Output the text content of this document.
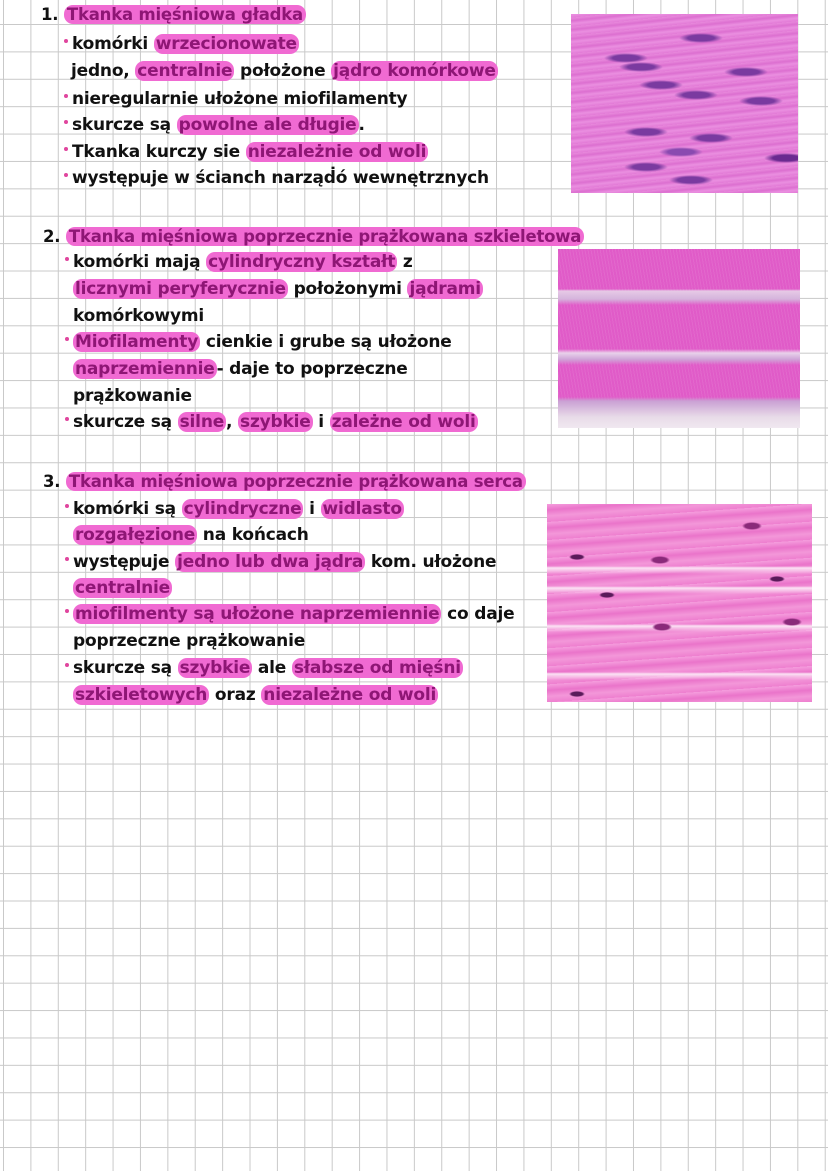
1. Tkanka mięśniowa gładka
komórki wrzecionowate
jedno, centralnie położone jądro komórkowe
nieregularnie ułożone miofilamenty
skurcze są powolne ale długie .
Tkanka kurczy sie niezależnie od woli
występuje w ścianch narząḋó wewnętrznych
2. Tkanka mięśniowa poprzecznie prążkowana szkieletowa
komórki mają cylindryczny kształt z
licznymi peryferycznie położonymi jądrami
komórkowymi
Miofilamenty cienkie i grube są ułożone
naprzemiennie - daje to poprzeczne
prążkowanie
skurcze są silne , szybkie i zależne od woli
3. Tkanka mięśniowa poprzecznie prążkowana serca
komórki są cylindryczne i widlasto
rozgałęzione na końcach
występuje jedno lub dwa jądra kom. ułożone
centralnie
miofilmenty są ułożone naprzemiennie co daje
poprzeczne prążkowanie
skurcze są szybkie ale słabsze od mięśni
szkieletowych oraz niezależne od woli
